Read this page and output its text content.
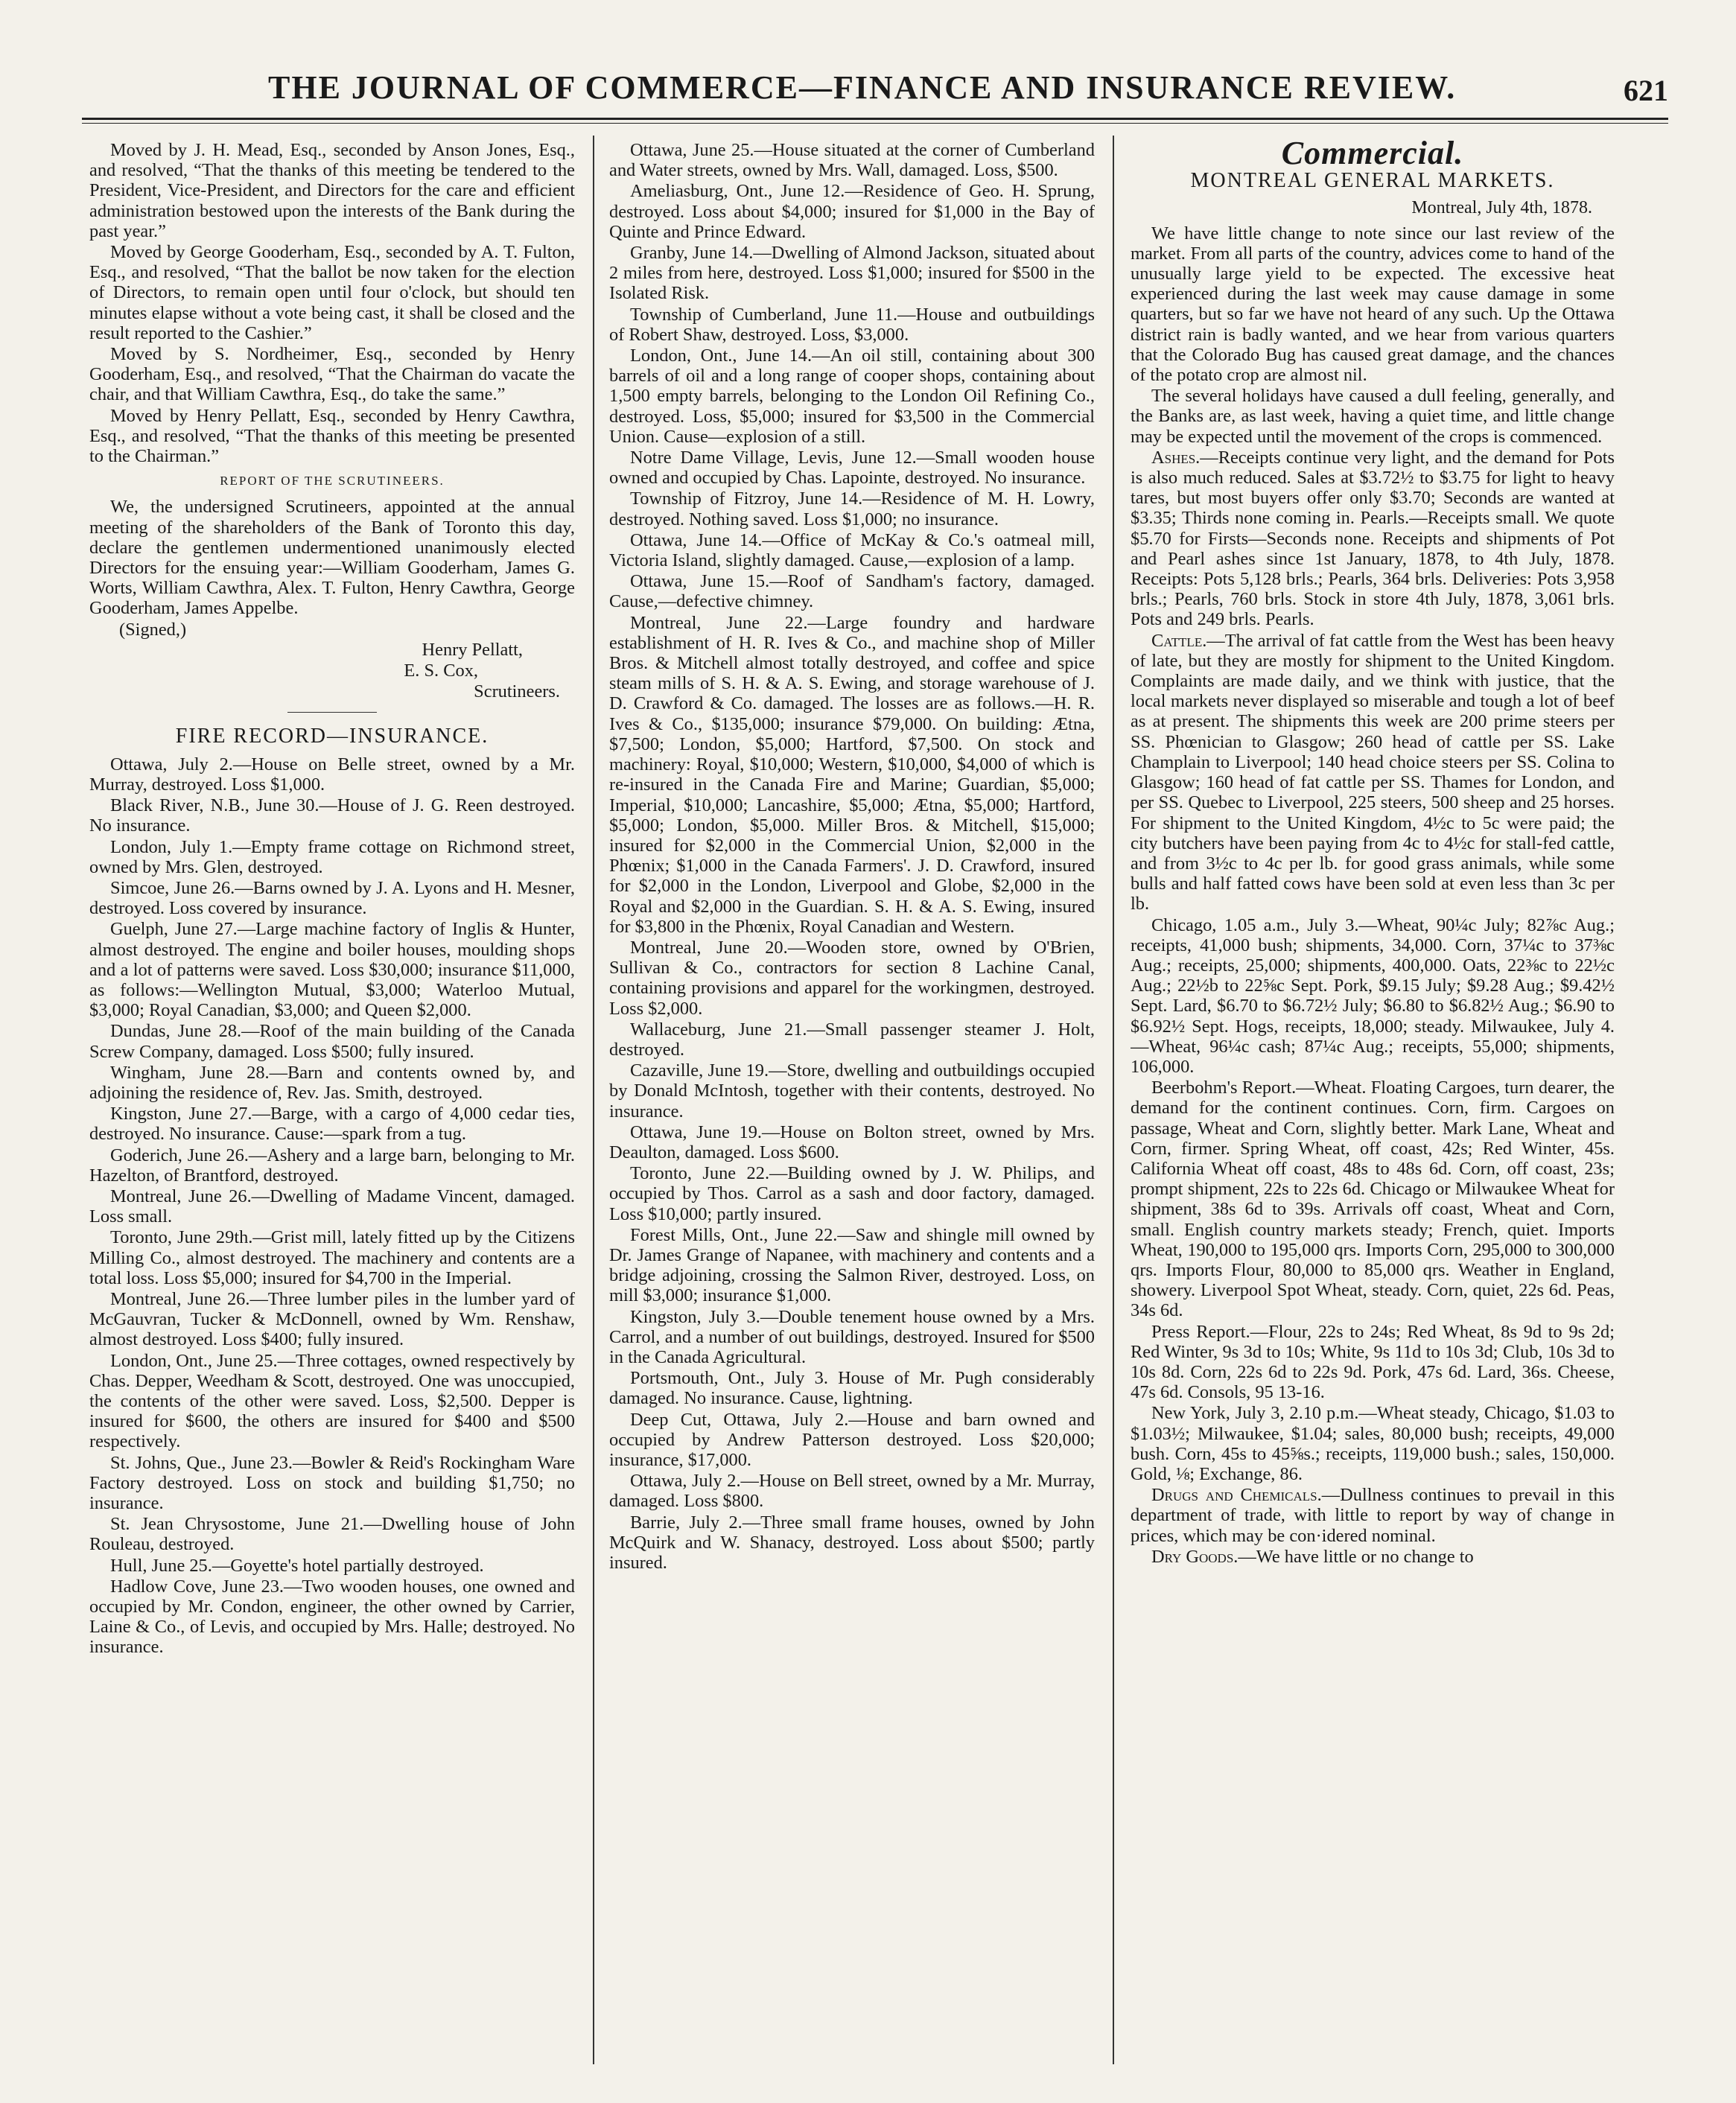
THE JOURNAL OF COMMERCE—FINANCE AND INSURANCE REVIEW.	621

Moved by J. H. Mead, Esq., seconded by Anson Jones, Esq., and resolved, “That the thanks of this meeting be tendered to the President, Vice-President, and Directors for the care and efficient administration bestowed upon the interests of the Bank during the past year.”

Moved by George Gooderham, Esq., seconded by A. T. Fulton, Esq., and resolved, “That the ballot be now taken for the election of Directors, to remain open until four o'clock, but should ten minutes elapse without a vote being cast, it shall be closed and the result reported to the Cashier.”

Moved by S. Nordheimer, Esq., seconded by Henry Gooderham, Esq., and resolved, “That the Chairman do vacate the chair, and that William Cawthra, Esq., do take the same.”

Moved by Henry Pellatt, Esq., seconded by Henry Cawthra, Esq., and resolved, “That the thanks of this meeting be presented to the Chairman.”

REPORT OF THE SCRUTINEERS.

We, the undersigned Scrutineers, appointed at the annual meeting of the shareholders of the Bank of Toronto this day, declare the gentlemen undermentioned unanimously elected Directors for the ensuing year:—William Gooderham, James G. Worts, William Cawthra, Alex. T. Fulton, Henry Cawthra, George Gooderham, James Appelbe.

(Signed,)

Henry Pellatt,

E. S. Cox,

Scrutineers.

FIRE RECORD—INSURANCE.

Ottawa, July 2.—House on Belle street, owned by a Mr. Murray, destroyed. Loss $1,000.

Black River, N.B., June 30.—House of J. G. Reen destroyed. No insurance.

London, July 1.—Empty frame cottage on Richmond street, owned by Mrs. Glen, destroyed.

Simcoe, June 26.—Barns owned by J. A. Lyons and H. Mesner, destroyed. Loss covered by insurance.

Guelph, June 27.—Large machine factory of Inglis & Hunter, almost destroyed. The engine and boiler houses, moulding shops and a lot of patterns were saved. Loss $30,000; insurance $11,000, as follows:—Wellington Mutual, $3,000; Waterloo Mutual, $3,000; Royal Canadian, $3,000; and Queen $2,000.

Dundas, June 28.—Roof of the main building of the Canada Screw Company, damaged. Loss $500; fully insured.

Wingham, June 28.—Barn and contents owned by, and adjoining the residence of, Rev. Jas. Smith, destroyed.

Kingston, June 27.—Barge, with a cargo of 4,000 cedar ties, destroyed. No insurance. Cause:—spark from a tug.

Goderich, June 26.—Ashery and a large barn, belonging to Mr. Hazelton, of Brantford, destroyed.

Montreal, June 26.—Dwelling of Madame Vincent, damaged. Loss small.

Toronto, June 29th.—Grist mill, lately fitted up by the Citizens Milling Co., almost destroyed. The machinery and contents are a total loss. Loss $5,000; insured for $4,700 in the Imperial.

Montreal, June 26.—Three lumber piles in the lumber yard of McGauvran, Tucker & McDonnell, owned by Wm. Renshaw, almost destroyed. Loss $400; fully insured.

London, Ont., June 25.—Three cottages, owned respectively by Chas. Depper, Weedham & Scott, destroyed. One was unoccupied, the contents of the other were saved. Loss, $2,500. Depper is insured for $600, the others are insured for $400 and $500 respectively.

St. Johns, Que., June 23.—Bowler & Reid's Rockingham Ware Factory destroyed. Loss on stock and building $1,750; no insurance.

St. Jean Chrysostome, June 21.—Dwelling house of John Rouleau, destroyed.

Hull, June 25.—Goyette's hotel partially destroyed.

Hadlow Cove, June 23.—Two wooden houses, one owned and occupied by Mr. Condon, engineer, the other owned by Carrier, Laine & Co., of Levis, and occupied by Mrs. Halle; destroyed. No insurance.

Ottawa, June 25.—House situated at the corner of Cumberland and Water streets, owned by Mrs. Wall, damaged. Loss, $500.

Ameliasburg, Ont., June 12.—Residence of Geo. H. Sprung, destroyed. Loss about $4,000; insured for $1,000 in the Bay of Quinte and Prince Edward.

Granby, June 14.—Dwelling of Almond Jackson, situated about 2 miles from here, destroyed. Loss $1,000; insured for $500 in the Isolated Risk.

Township of Cumberland, June 11.—House and outbuildings of Robert Shaw, destroyed. Loss, $3,000.

London, Ont., June 14.—An oil still, containing about 300 barrels of oil and a long range of cooper shops, containing about 1,500 empty barrels, belonging to the London Oil Refining Co., destroyed. Loss, $5,000; insured for $3,500 in the Commercial Union. Cause—explosion of a still.

Notre Dame Village, Levis, June 12.—Small wooden house owned and occupied by Chas. Lapointe, destroyed. No insurance.

Township of Fitzroy, June 14.—Residence of M. H. Lowry, destroyed. Nothing saved. Loss $1,000; no insurance.

Ottawa, June 14.—Office of McKay & Co.'s oatmeal mill, Victoria Island, slightly damaged. Cause,—explosion of a lamp.

Ottawa, June 15.—Roof of Sandham's factory, damaged. Cause,—defective chimney.

Montreal, June 22.—Large foundry and hardware establishment of H. R. Ives & Co., and machine shop of Miller Bros. & Mitchell almost totally destroyed, and coffee and spice steam mills of S. H. & A. S. Ewing, and storage warehouse of J. D. Crawford & Co. damaged. The losses are as follows.—H. R. Ives & Co., $135,000; insurance $79,000. On building: Ætna, $7,500; London, $5,000; Hartford, $7,500. On stock and machinery: Royal, $10,000; Western, $10,000, $4,000 of which is re-insured in the Canada Fire and Marine; Guardian, $5,000; Imperial, $10,000; Lancashire, $5,000; Ætna, $5,000; Hartford, $5,000; London, $5,000. Miller Bros. & Mitchell, $15,000; insured for $2,000 in the Commercial Union, $2,000 in the Phœnix; $1,000 in the Canada Farmers'. J. D. Crawford, insured for $2,000 in the London, Liverpool and Globe, $2,000 in the Royal and $2,000 in the Guardian. S. H. & A. S. Ewing, insured for $3,800 in the Phœnix, Royal Canadian and Western.

Montreal, June 20.—Wooden store, owned by O'Brien, Sullivan & Co., contractors for section 8 Lachine Canal, containing provisions and apparel for the workingmen, destroyed. Loss $2,000.

Wallaceburg, June 21.—Small passenger steamer J. Holt, destroyed.

Cazaville, June 19.—Store, dwelling and outbuildings occupied by Donald McIntosh, together with their contents, destroyed. No insurance.

Ottawa, June 19.—House on Bolton street, owned by Mrs. Deaulton, damaged. Loss $600.

Toronto, June 22.—Building owned by J. W. Philips, and occupied by Thos. Carrol as a sash and door factory, damaged. Loss $10,000; partly insured.

Forest Mills, Ont., June 22.—Saw and shingle mill owned by Dr. James Grange of Napanee, with machinery and contents and a bridge adjoining, crossing the Salmon River, destroyed. Loss, on mill $3,000; insurance $1,000.

Kingston, July 3.—Double tenement house owned by a Mrs. Carrol, and a number of out buildings, destroyed. Insured for $500 in the Canada Agricultural.

Portsmouth, Ont., July 3. House of Mr. Pugh considerably damaged. No insurance. Cause, lightning.

Deep Cut, Ottawa, July 2.—House and barn owned and occupied by Andrew Patterson destroyed. Loss $20,000; insurance, $17,000.

Ottawa, July 2.—House on Bell street, owned by a Mr. Murray, damaged. Loss $800.

Barrie, July 2.—Three small frame houses, owned by John McQuirk and W. Shanacy, destroyed. Loss about $500; partly insured.

Commercial.
MONTREAL GENERAL MARKETS.
Montreal, July 4th, 1878.

We have little change to note since our last review of the market. From all parts of the country, advices come to hand of the unusually large yield to be expected. The excessive heat experienced during the last week may cause damage in some quarters, but so far we have not heard of any such. Up the Ottawa district rain is badly wanted, and we hear from various quarters that the Colorado Bug has caused great damage, and the chances of the potato crop are almost nil.

The several holidays have caused a dull feeling, generally, and the Banks are, as last week, having a quiet time, and little change may be expected until the movement of the crops is commenced.

Ashes.—Receipts continue very light, and the demand for Pots is also much reduced. Sales at $3.72½ to $3.75 for light to heavy tares, but most buyers offer only $3.70; Seconds are wanted at $3.35; Thirds none coming in. Pearls.—Receipts small. We quote $5.70 for Firsts—Seconds none. Receipts and shipments of Pot and Pearl ashes since 1st January, 1878, to 4th July, 1878. Receipts: Pots 5,128 brls.; Pearls, 364 brls. Deliveries: Pots 3,958 brls.; Pearls, 760 brls. Stock in store 4th July, 1878, 3,061 brls. Pots and 249 brls. Pearls.

Cattle.—The arrival of fat cattle from the West has been heavy of late, but they are mostly for shipment to the United Kingdom. Complaints are made daily, and we think with justice, that the local markets never displayed so miserable and tough a lot of beef as at present. The shipments this week are 200 prime steers per SS. Phœnician to Glasgow; 260 head of cattle per SS. Lake Champlain to Liverpool; 140 head choice steers per SS. Colina to Glasgow; 160 head of fat cattle per SS. Thames for London, and per SS. Quebec to Liverpool, 225 steers, 500 sheep and 25 horses. For shipment to the United Kingdom, 4½c to 5c were paid; the city butchers have been paying from 4c to 4½c for stall-fed cattle, and from 3½c to 4c per lb. for good grass animals, while some bulls and half fatted cows have been sold at even less than 3c per lb.

Chicago, 1.05 a.m., July 3.—Wheat, 90¼c July; 82⅞c Aug.; receipts, 41,000 bush; shipments, 34,000. Corn, 37¼c to 37⅜c Aug.; receipts, 25,000; shipments, 400,000. Oats, 22⅜c to 22½c Aug.; 22½b to 22⅝c Sept. Pork, $9.15 July; $9.28 Aug.; $9.42½ Sept. Lard, $6.70 to $6.72½ July; $6.80 to $6.82½ Aug.; $6.90 to $6.92½ Sept. Hogs, receipts, 18,000; steady. Milwaukee, July 4.—Wheat, 96¼c cash; 87¼c Aug.; receipts, 55,000; shipments, 106,000.

Beerbohm's Report.—Wheat. Floating Cargoes, turn dearer, the demand for the continent continues. Corn, firm. Cargoes on passage, Wheat and Corn, slightly better. Mark Lane, Wheat and Corn, firmer. Spring Wheat, off coast, 42s; Red Winter, 45s. California Wheat off coast, 48s to 48s 6d. Corn, off coast, 23s; prompt shipment, 22s to 22s 6d. Chicago or Milwaukee Wheat for shipment, 38s 6d to 39s. Arrivals off coast, Wheat and Corn, small. English country markets steady; French, quiet. Imports Wheat, 190,000 to 195,000 qrs. Imports Corn, 295,000 to 300,000 qrs. Imports Flour, 80,000 to 85,000 qrs. Weather in England, showery. Liverpool Spot Wheat, steady. Corn, quiet, 22s 6d. Peas, 34s 6d.

Press Report.—Flour, 22s to 24s; Red Wheat, 8s 9d to 9s 2d; Red Winter, 9s 3d to 10s; White, 9s 11d to 10s 3d; Club, 10s 3d to 10s 8d. Corn, 22s 6d to 22s 9d. Pork, 47s 6d. Lard, 36s. Cheese, 47s 6d. Consols, 95 13-16.

New York, July 3, 2.10 p.m.—Wheat steady, Chicago, $1.03 to $1.03½; Milwaukee, $1.04; sales, 80,000 bush; receipts, 49,000 bush. Corn, 45s to 45⅝s.; receipts, 119,000 bush.; sales, 150,000. Gold, ⅛; Exchange, 86.

Drugs and Chemicals.—Dullness continues to prevail in this department of trade, with little to report by way of change in prices, which may be con·idered nominal.

Dry Goods.—We have little or no change to
